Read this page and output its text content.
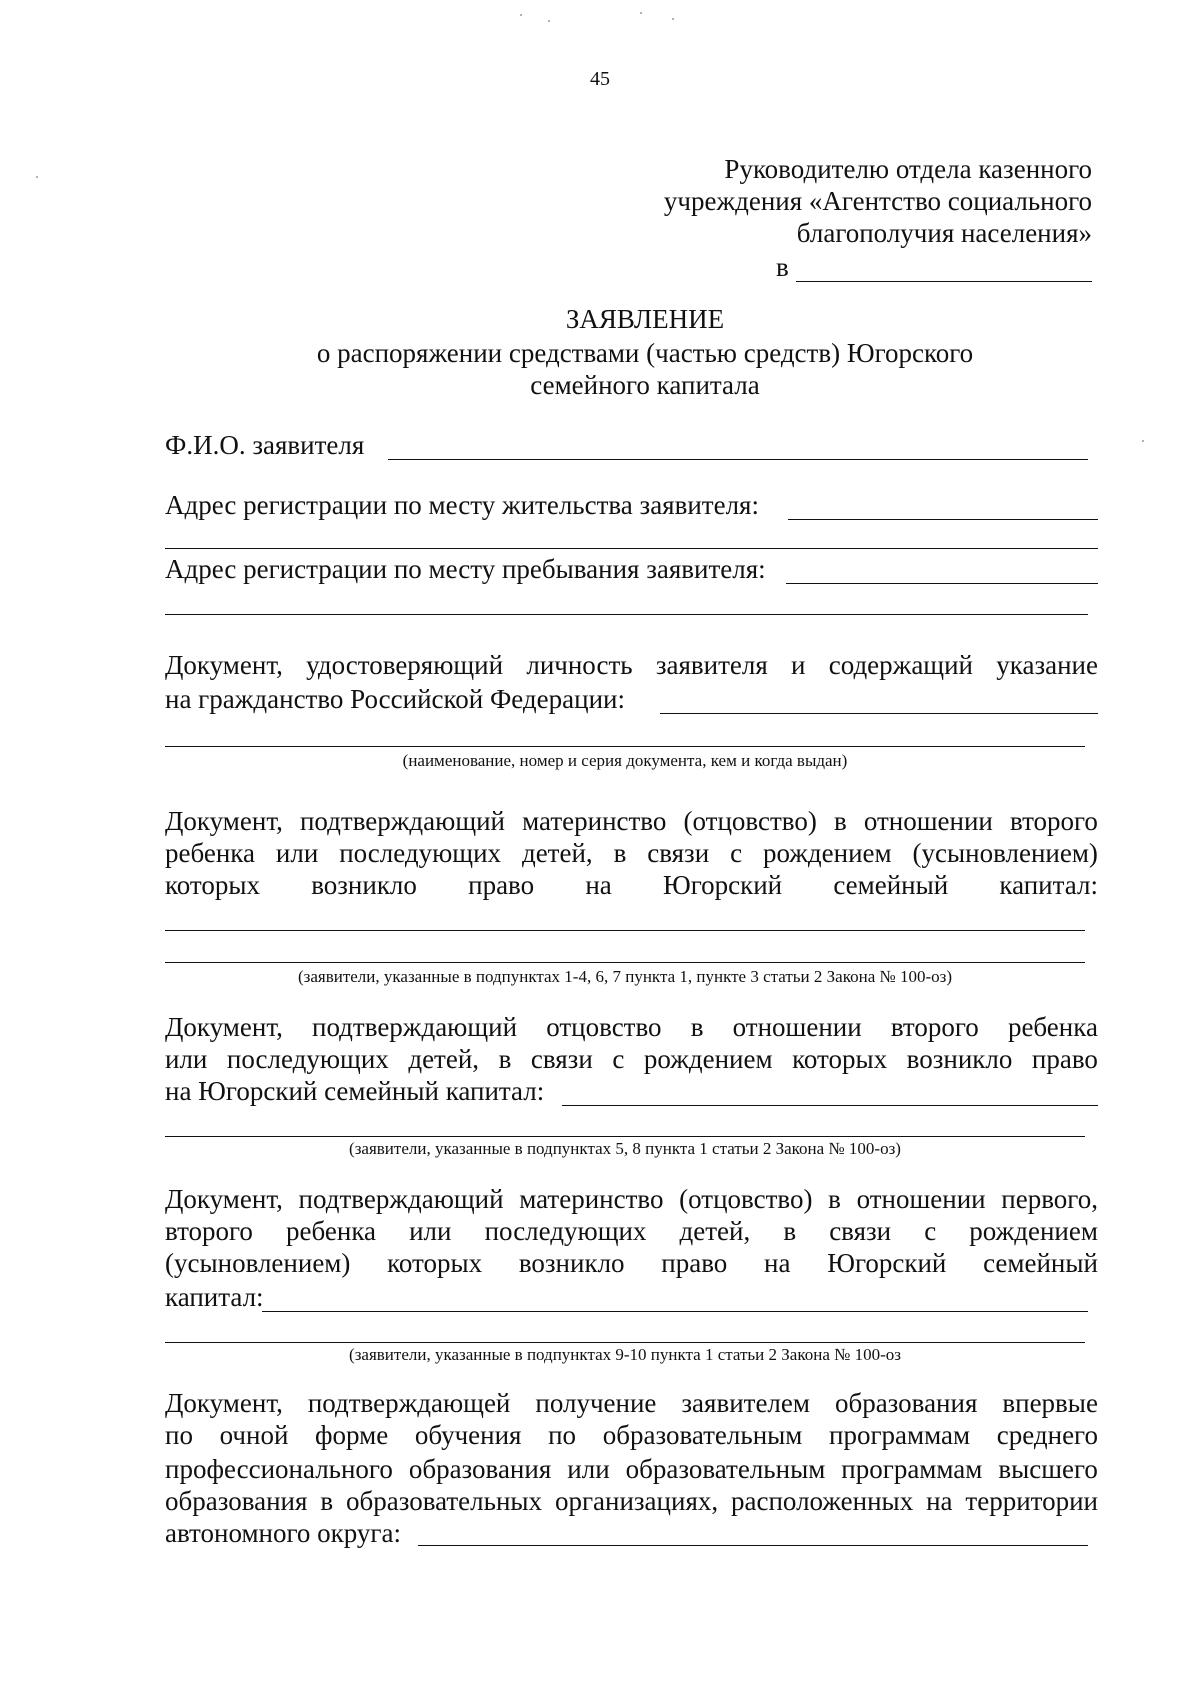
45
Руководителю отдела казенного
учреждения «Агентство социального
благополучия населения»
в
ЗАЯВЛЕНИЕ
о распоряжении средствами (частью средств) Югорского
семейного капитала
Ф.И.О. заявителя
Адрес регистрации по месту жительства заявителя:
Адрес регистрации по месту пребывания заявителя:
Документ, удостоверяющий личность заявителя и содержащий указание
на гражданство Российской Федерации:
(наименование, номер и серия документа, кем и когда выдан)
Документ, подтверждающий материнство (отцовство) в отношении второго
ребенка или последующих детей, в связи с рождением (усыновлением)
которых возникло право на Югорский семейный капитал:
(заявители, указанные в подпунктах 1-4, 6, 7 пункта 1, пункте 3 статьи 2 Закона № 100-оз)
Документ, подтверждающий отцовство в отношении второго ребенка
или последующих детей, в связи с рождением которых возникло право
на Югорский семейный капитал:
(заявители, указанные в подпунктах 5, 8 пункта 1 статьи 2 Закона № 100-оз)
Документ, подтверждающий материнство (отцовство) в отношении первого,
второго ребенка или последующих детей, в связи с рождением
(усыновлением) которых возникло право на Югорский семейный
капитал:
(заявители, указанные в подпунктах 9-10 пункта 1 статьи 2 Закона № 100-оз
Документ, подтверждающей получение заявителем образования впервые
по очной форме обучения по образовательным программам среднего
профессионального образования или образовательным программам высшего
образования в образовательных организациях, расположенных на территории
автономного округа:
